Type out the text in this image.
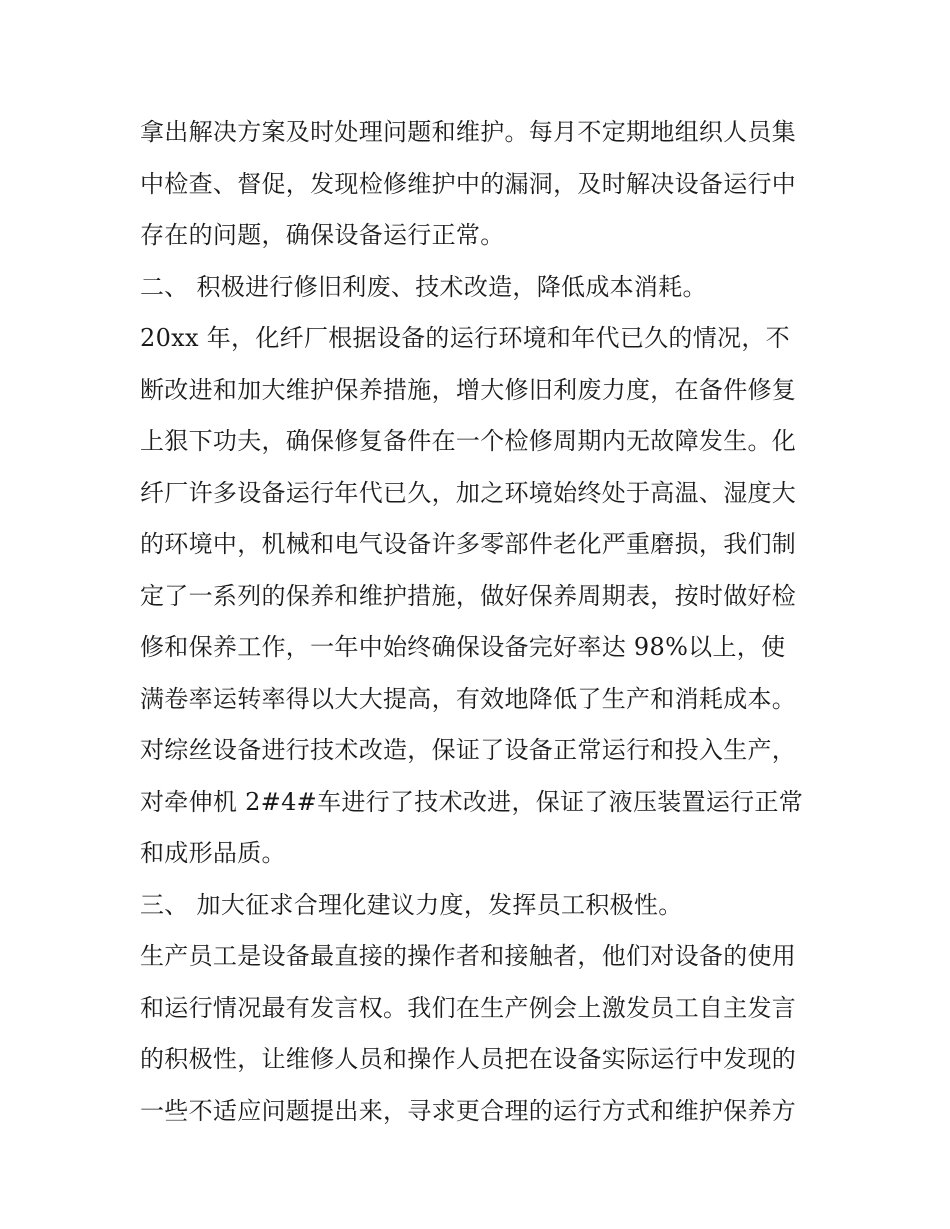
拿出解决方案及时处理问题和维护。每月不定期地组织人员集
中检查、督促，发现检修维护中的漏洞，及时解决设备运行中
存在的问题，确保设备运行正常。
二、 积极进行修旧利废、技术改造，降低成本消耗。
20xx 年，化纤厂根据设备的运行环境和年代已久的情况，不
断改进和加大维护保养措施，增大修旧利废力度，在备件修复
上狠下功夫，确保修复备件在一个检修周期内无故障发生。化
纤厂许多设备运行年代已久，加之环境始终处于高温、湿度大
的环境中，机械和电气设备许多零部件老化严重磨损，我们制
定了一系列的保养和维护措施，做好保养周期表，按时做好检
修和保养工作，一年中始终确保设备完好率达 98%以上，使
满卷率运转率得以大大提高，有效地降低了生产和消耗成本。
对综丝设备进行技术改造，保证了设备正常运行和投入生产，
对牵伸机 2#4#车进行了技术改进，保证了液压装置运行正常
和成形品质。
三、 加大征求合理化建议力度，发挥员工积极性。
生产员工是设备最直接的操作者和接触者，他们对设备的使用
和运行情况最有发言权。我们在生产例会上激发员工自主发言
的积极性，让维修人员和操作人员把在设备实际运行中发现的
一些不适应问题提出来，寻求更合理的运行方式和维护保养方
